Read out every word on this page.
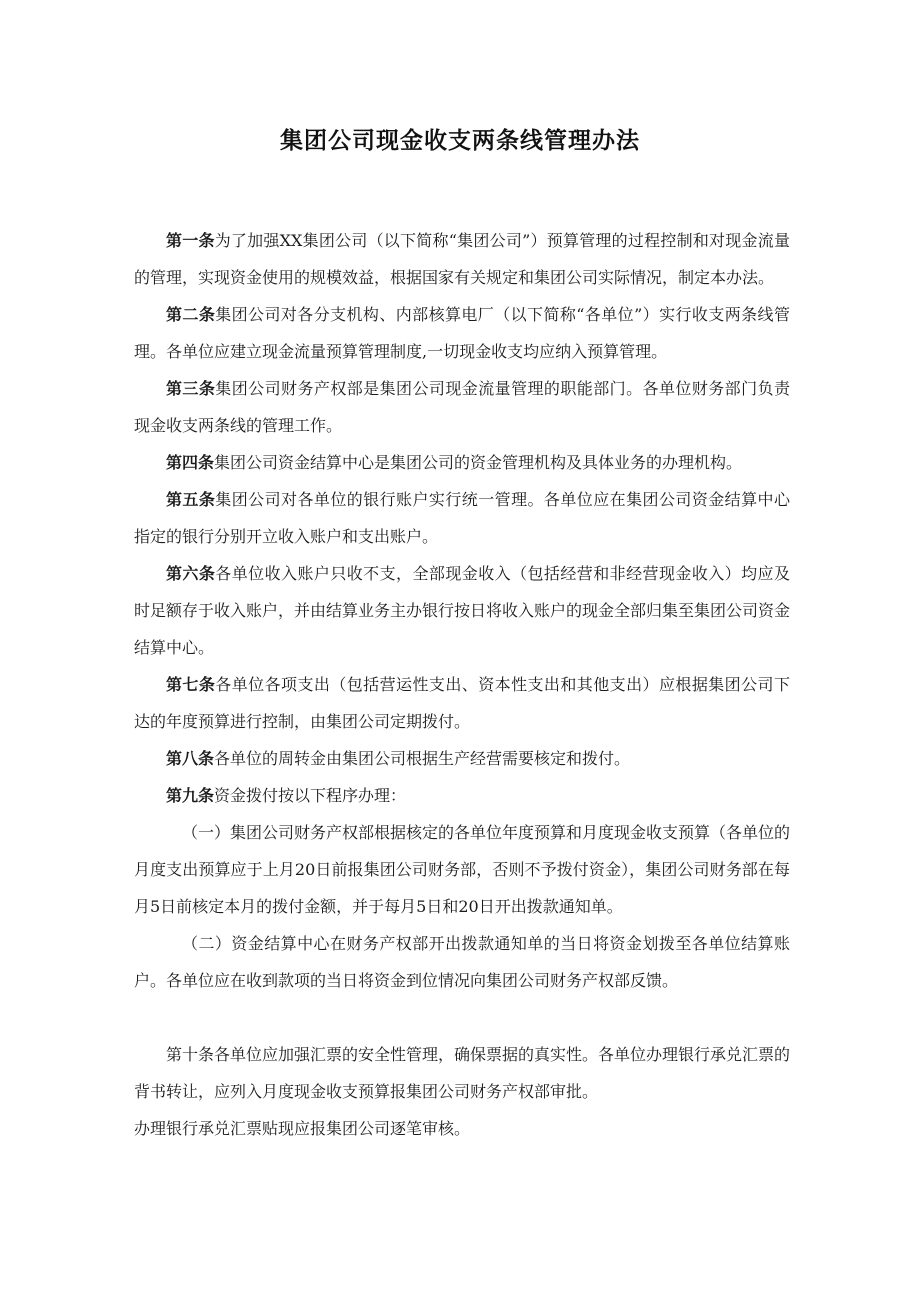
集团公司现金收支两条线管理办法

第一条为了加强XX集团公司（以下简称“集团公司”）预算管理的过程控制和对现金流量的管理，实现资金使用的规模效益，根据国家有关规定和集团公司实际情况，制定本办法。

第二条集团公司对各分支机构、内部核算电厂（以下简称“各单位”）实行收支两条线管理。各单位应建立现金流量预算管理制度,一切现金收支均应纳入预算管理。

第三条集团公司财务产权部是集团公司现金流量管理的职能部门。各单位财务部门负责现金收支两条线的管理工作。

第四条集团公司资金结算中心是集团公司的资金管理机构及具体业务的办理机构。

第五条集团公司对各单位的银行账户实行统一管理。各单位应在集团公司资金结算中心指定的银行分别开立收入账户和支出账户。

第六条各单位收入账户只收不支，全部现金收入（包括经营和非经营现金收入）均应及时足额存于收入账户，并由结算业务主办银行按日将收入账户的现金全部归集至集团公司资金结算中心。

第七条各单位各项支出（包括营运性支出、资本性支出和其他支出）应根据集团公司下达的年度预算进行控制，由集团公司定期拨付。

第八条各单位的周转金由集团公司根据生产经营需要核定和拨付。

第九条资金拨付按以下程序办理：

（一）集团公司财务产权部根据核定的各单位年度预算和月度现金收支预算（各单位的月度支出预算应于上月20日前报集团公司财务部，否则不予拨付资金），集团公司财务部在每月5日前核定本月的拨付金额，并于每月5日和20日开出拨款通知单。

（二）资金结算中心在财务产权部开出拨款通知单的当日将资金划拨至各单位结算账户。各单位应在收到款项的当日将资金到位情况向集团公司财务产权部反馈。

第十条各单位应加强汇票的安全性管理，确保票据的真实性。各单位办理银行承兑汇票的背书转让，应列入月度现金收支预算报集团公司财务产权部审批。

办理银行承兑汇票贴现应报集团公司逐笔审核。
